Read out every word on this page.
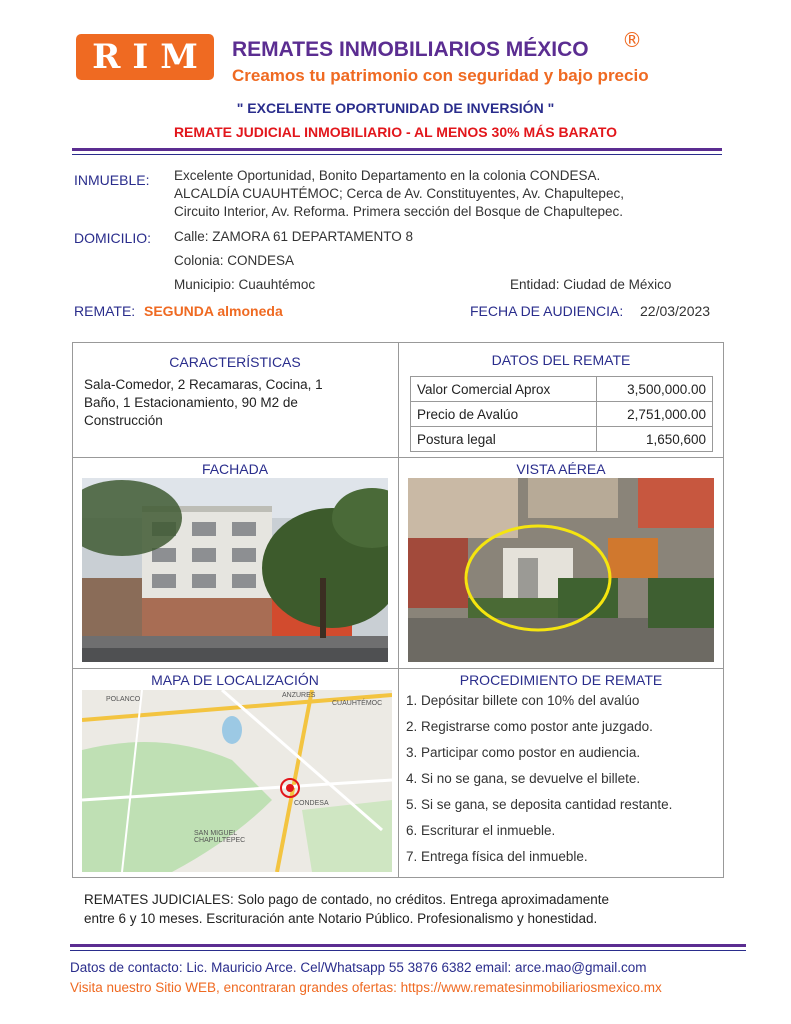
RIM REMATES INMOBILIARIOS MÉXICO ®
Creamos tu patrimonio con seguridad y bajo precio
" EXCELENTE OPORTUNIDAD DE INVERSIÓN "
REMATE JUDICIAL INMOBILIARIO - AL MENOS 30% MÁS BARATO
INMUEBLE: Excelente Oportunidad, Bonito Departamento en la colonia CONDESA.
ALCALDÍA CUAUHTÉMOC; Cerca de Av. Constituyentes, Av. Chapultepec,
Circuito Interior, Av. Reforma. Primera sección del Bosque de Chapultepec.
DOMICILIO: Calle: ZAMORA 61 DEPARTAMENTO 8
Colonia: CONDESA
Municipio: Cuauhtémoc	Entidad: Ciudad de México
REMATE: SEGUNDA almoneda	FECHA DE AUDIENCIA: 22/03/2023
CARACTERÍSTICAS
Sala-Comedor, 2 Recamaras, Cocina, 1
Baño, 1 Estacionamiento, 90 M2 de
Construcción
DATOS DEL REMATE
Valor Comercial Aprox	3,500,000.00
Precio de Avalúo	2,751,000.00
Postura legal	1,650,600
FACHADA	VISTA AÉREA
MAPA DE LOCALIZACIÓN
POLANCO
CUAUHTÉMOC
CONDESA
SAN MIGUEL CHAPULTEPEC
ANZURES
PROCEDIMIENTO DE REMATE
1. Depósitar billete con 10% del avalúo
2. Registrarse como postor ante juzgado.
3. Participar como postor en audiencia.
4. Si no se gana, se devuelve el billete.
5. Si se gana, se deposita cantidad restante.
6. Escriturar el inmueble.
7. Entrega física del inmueble.
REMATES JUDICIALES: Solo pago de contado, no créditos. Entrega aproximadamente
entre 6 y 10 meses. Escrituración ante Notario Público. Profesionalismo y honestidad.
Datos de contacto: Lic. Mauricio Arce. Cel/Whatsapp 55 3876 6382 email: arce.mao@gmail.com
Visita nuestro Sitio WEB, encontraran grandes ofertas: https://www.rematesinmobiliariosmexico.mx
